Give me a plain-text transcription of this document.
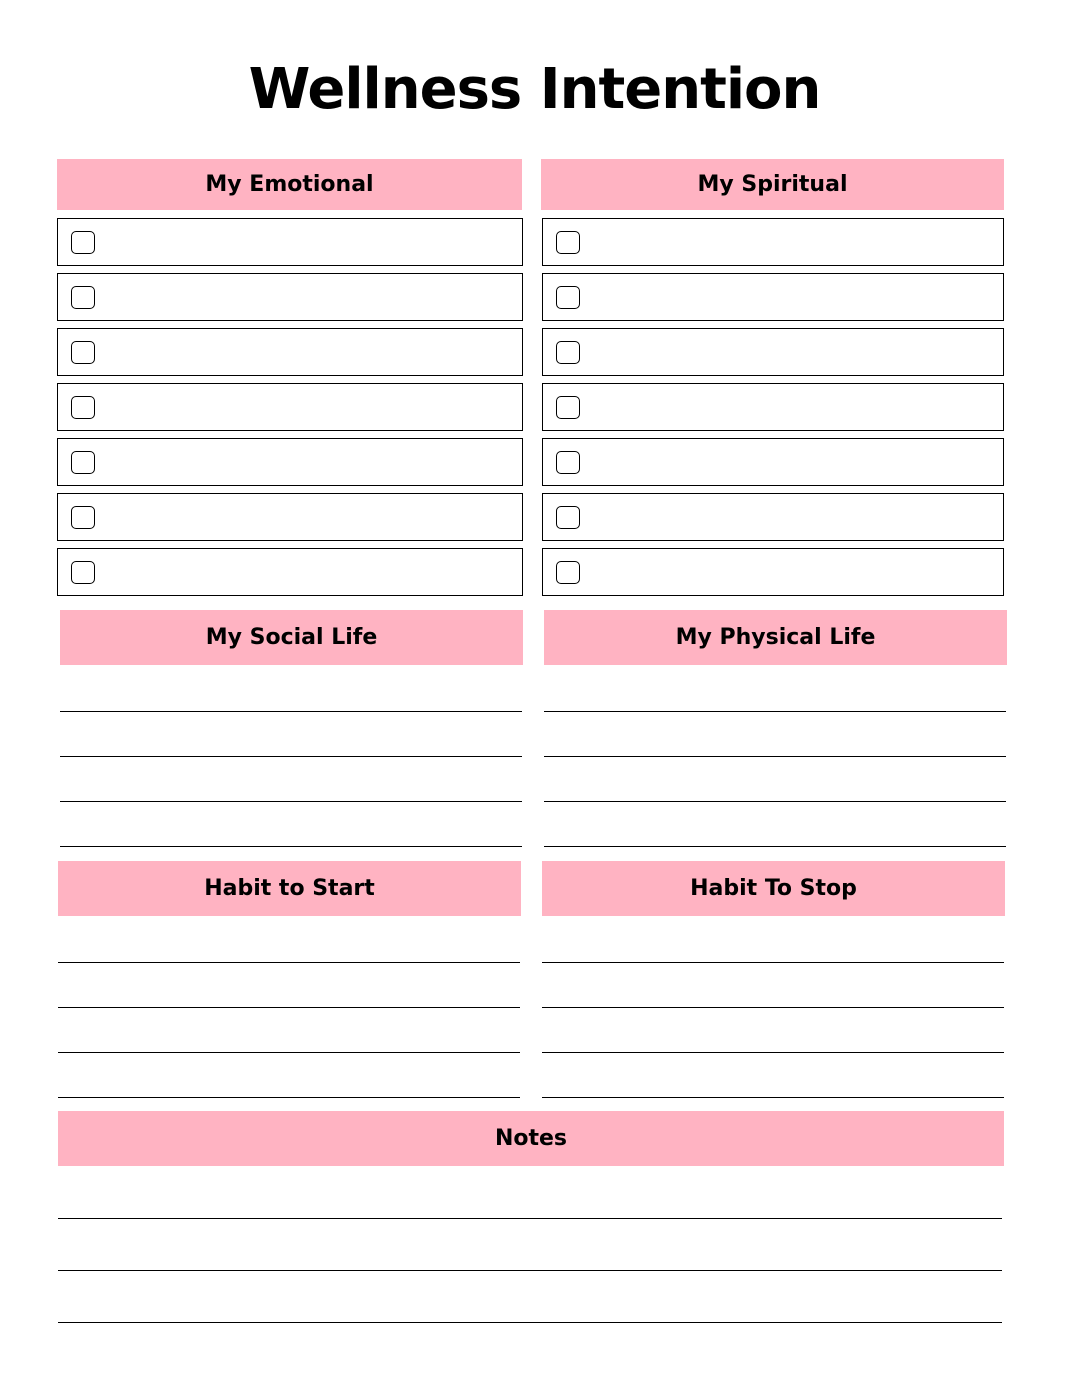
Wellness Intention
My Emotional	My Spiritual
My Social Life	My Physical Life
Habit to Start	Habit To Stop
Notes
